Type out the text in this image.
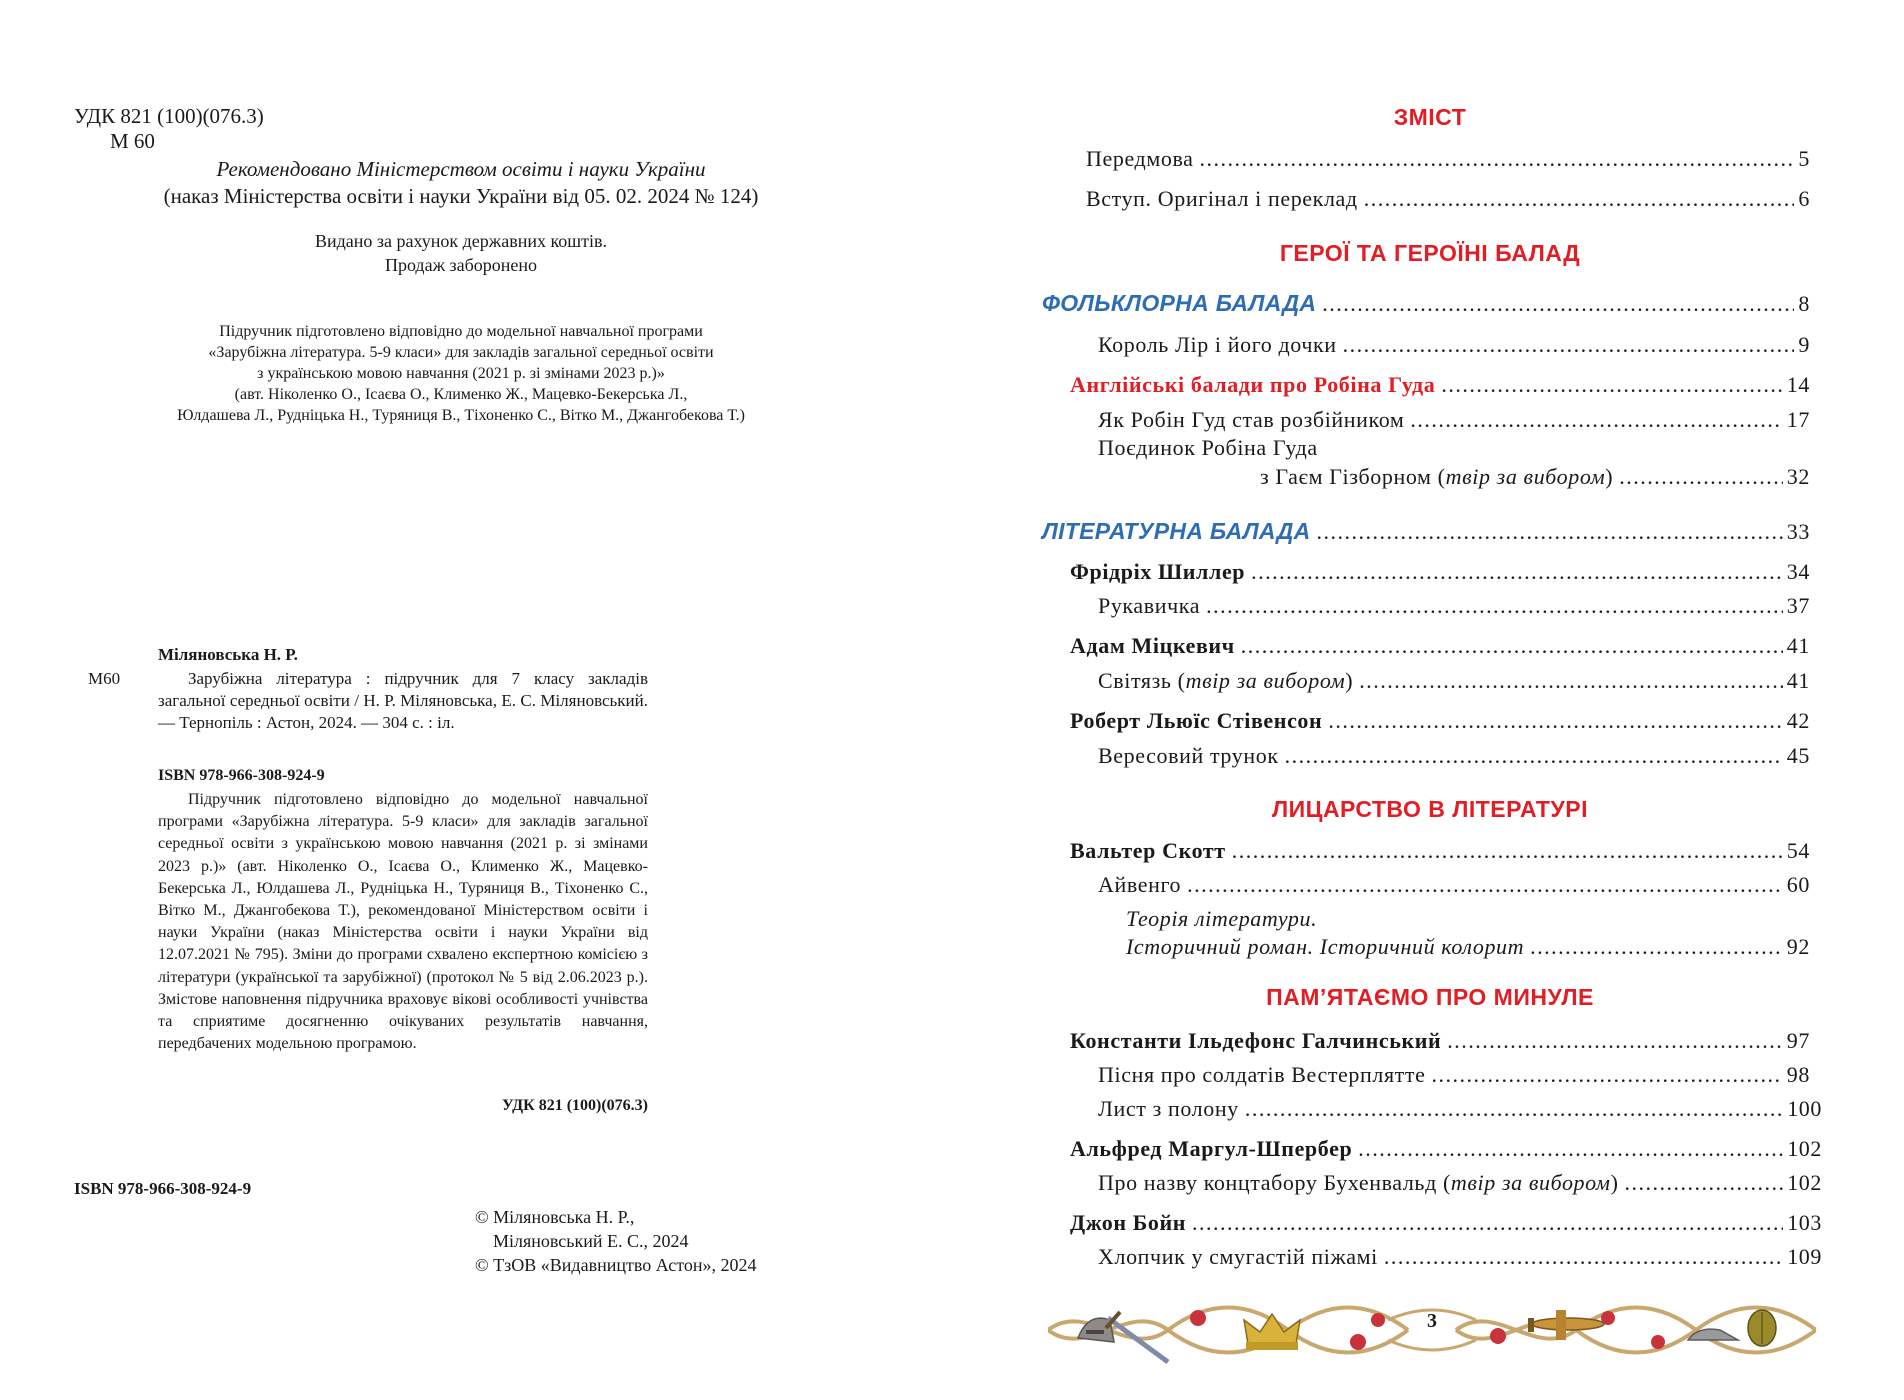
УДК 821 (100)(076.3)
М 60
Рекомендовано Міністерством освіти і науки України
(наказ Міністерства освіти і науки України від 05. 02. 2024 № 124)
Видано за рахунок державних коштів.
Продаж заборонено
Підручник підготовлено відповідно до модельної навчальної програми
«Зарубіжна література. 5-9 класи» для закладів загальної середньої освіти
з українською мовою навчання (2021 р. зі змінами 2023 р.)»
(авт. Ніколенко О., Ісаєва О., Клименко Ж., Мацевко-Бекерська Л.,
Юлдашева Л., Рудніцька Н., Туряниця В., Тіхоненко С., Вітко М., Джангобекова Т.)
Міляновська Н. Р.
М60	Зарубіжна література : підручник для 7 класу закладів загальної середньої освіти / Н. Р. Міляновська, Е. С. Міляновський. — Тернопіль : Астон, 2024. — 304 с. : іл.
ISBN 978-966-308-924-9
Підручник підготовлено відповідно до модельної навчальної програми «Зарубіжна література. 5-9 класи» для закладів загальної середньої освіти з українською мовою навчання (2021 р. зі змінами 2023 р.)» (авт. Ніколенко О., Ісаєва О., Клименко Ж., Мацевко-Бекерська Л., Юлдашева Л., Рудніцька Н., Туряниця В., Тіхоненко С., Вітко М., Джангобекова Т.), рекомендованої Міністерством освіти і науки України (наказ Міністерства освіти і науки України від 12.07.2021 № 795). Зміни до програми схвалено експертною комісією з літератури (української та зарубіжної) (протокол № 5 від 2.06.2023 р.). Змістове наповнення підручника враховує вікові особливості учнівства та сприятиме досягненню очікуваних результатів навчання, передбачених модельною програмою.
УДК 821 (100)(076.3)
ISBN 978-966-308-924-9
© Міляновська Н. Р.,
Міляновський Е. С., 2024
© ТзОВ «Видавництво Астон», 2024
ЗМІСТ
Передмова .....	5
Вступ. Оригінал і переклад .....	6
ГЕРОЇ ТА ГЕРОЇНІ БАЛАД
ФОЛЬКЛОРНА БАЛАДА .....	8
Король Лір і його дочки .....	9
Англійські балади про Робіна Гуда .....	14
Як Робін Гуд став розбійником .....	17
Поєдинок Робіна Гуда
з Гаєм Гізборном (твір за вибором) .....	32
ЛІТЕРАТУРНА БАЛАДА .....	33
Фрідріх Шиллер .....	34
Рукавичка .....	37
Адам Міцкевич .....	41
Світязь (твір за вибором) .....	41
Роберт Льюїс Стівенсон .....	42
Вересовий трунок .....	45
ЛИЦАРСТВО В ЛІТЕРАТУРІ
Вальтер Скотт .....	54
Айвенго .....	60
Теорія літератури.
Історичний роман. Історичний колорит .....	92
ПАМ’ЯТАЄМО ПРО МИНУЛЕ
Константи Ільдефонс Галчинський .....	97
Пісня про солдатів Вестерплятте .....	98
Лист з полону .....	100
Альфред Маргул-Шпербер .....	102
Про назву концтабору Бухенвальд (твір за вибором) .....	102
Джон Бойн .....	103
Хлопчик у смугастій піжамі .....	109
3
